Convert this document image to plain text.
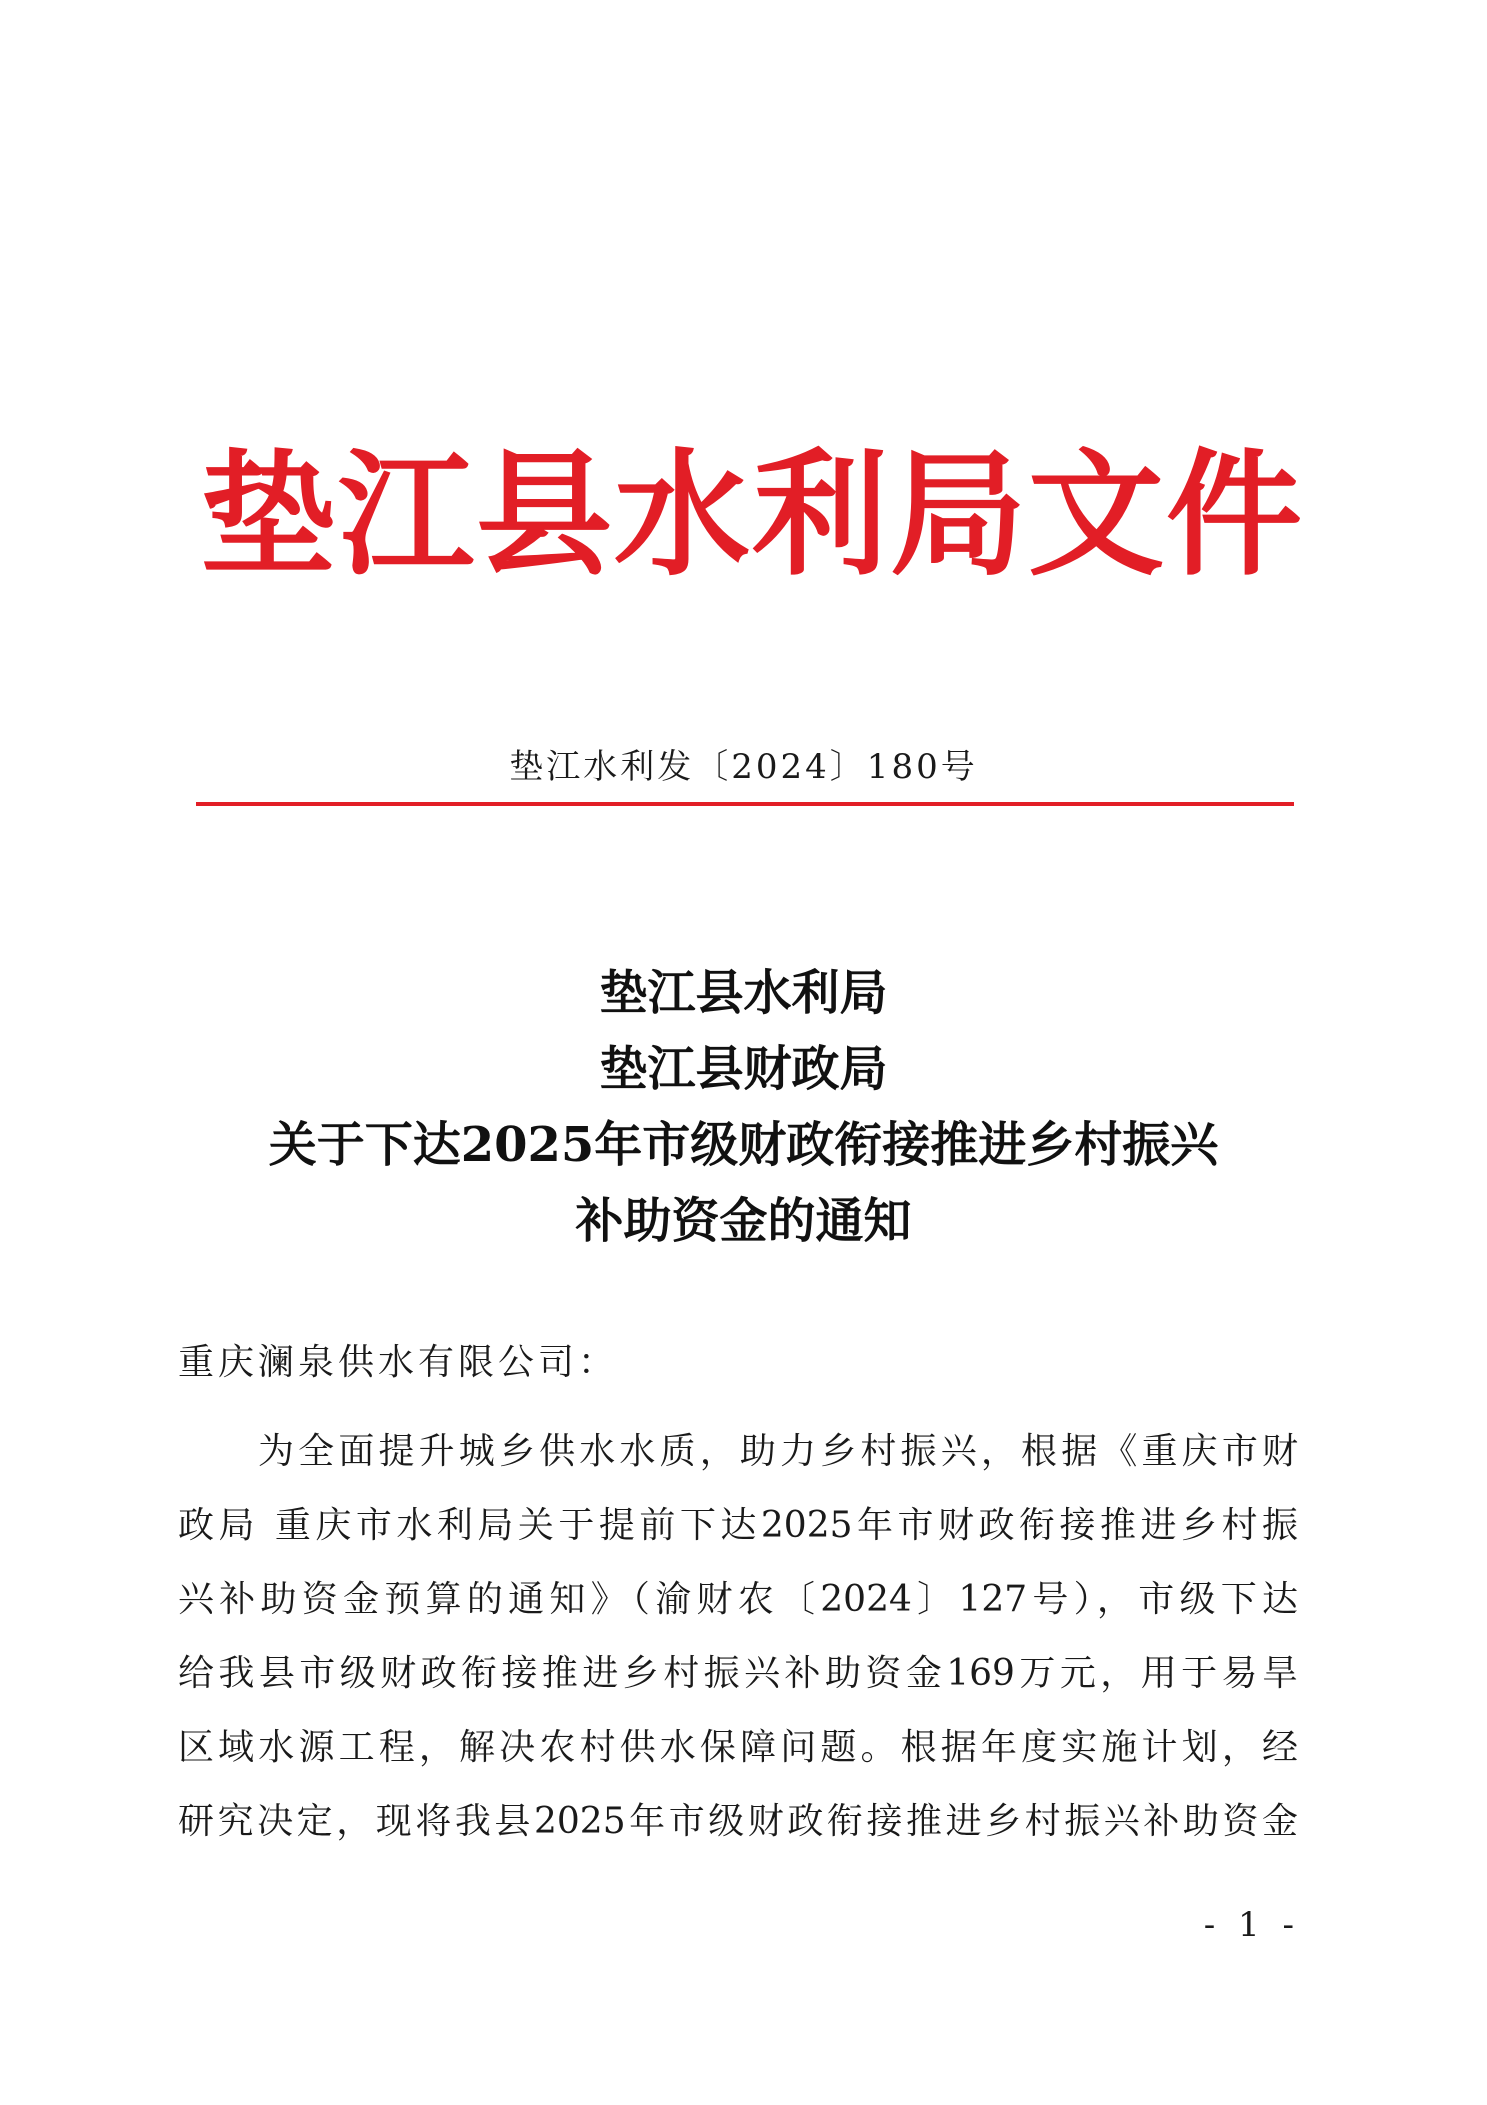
垫江县水利局文件
垫江水利发〔2024〕180号
垫江县水利局
垫江县财政局
关于下达2025年市级财政衔接推进乡村振兴
补助资金的通知
重庆澜泉供水有限公司：
为全面提升城乡供水水质，助力乡村振兴，根据《重庆市财
政局 重庆市水利局关于提前下达2025年市财政衔接推进乡村振
兴补助资金预算的通知》（渝财农〔2024〕127号），市级下达
给我县市级财政衔接推进乡村振兴补助资金169万元，用于易旱
区域水源工程，解决农村供水保障问题。根据年度实施计划，经
研究决定，现将我县2025年市级财政衔接推进乡村振兴补助资金
- 1 -
